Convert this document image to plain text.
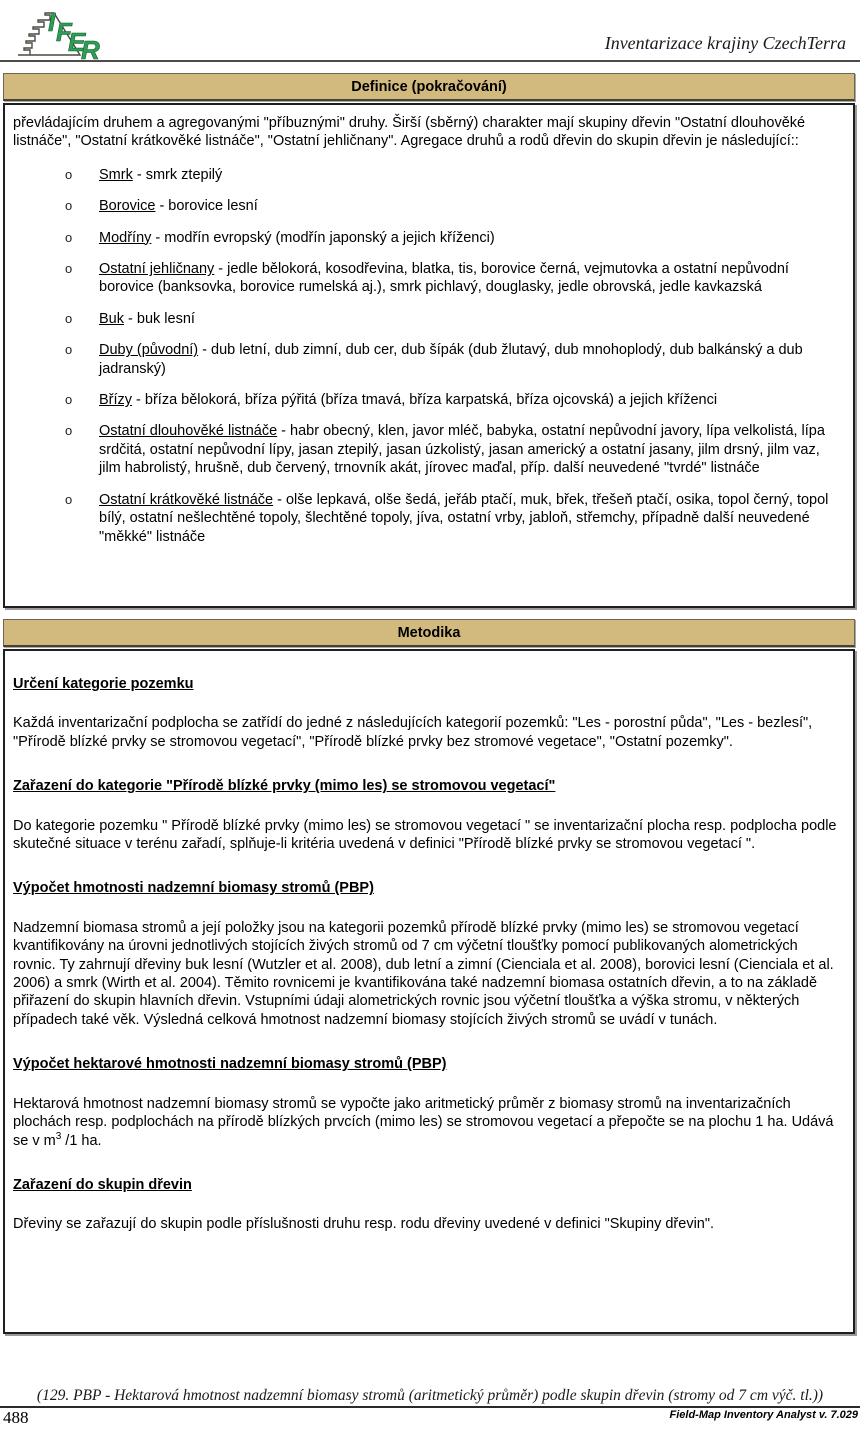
I F
E
R	Inventarizace krajiny CzechTerra
Definice (pokračování)

převládajícím druhem a agregovanými "příbuznými" druhy. Širší (sběrný) charakter mají skupiny dřevin "Ostatní dlouhověké listnáče", "Ostatní krátkověké listnáče", "Ostatní jehličnany". Agregace druhů a rodů dřevin do skupin dřevin je následující::

o Smrk - smrk ztepilý
o Borovice - borovice lesní
o Modříny - modřín evropský (modřín japonský a jejich kříženci)
o Ostatní jehličnany - jedle bělokorá, kosodřevina, blatka, tis, borovice černá, vejmutovka a ostatní nepůvodní borovice (banksovka, borovice rumelská aj.), smrk pichlavý, douglasky, jedle obrovská, jedle kavkazská
o Buk - buk lesní
o Duby (původní) - dub letní, dub zimní, dub cer, dub šípák (dub žlutavý, dub mnohoplodý, dub balkánský a dub jadranský)
o Břízy - bříza bělokorá, bříza pýřitá (bříza tmavá, bříza karpatská, bříza ojcovská) a jejich kříženci
o Ostatní dlouhověké listnáče - habr obecný, klen, javor mléč, babyka, ostatní nepůvodní javory, lípa velkolistá, lípa srdčitá, ostatní nepůvodní lípy, jasan ztepilý, jasan úzkolistý, jasan americký a ostatní jasany, jilm drsný, jilm vaz, jilm habrolistý, hrušně, dub červený, trnovník akát, jírovec maďal, příp. další neuvedené "tvrdé" listnáče
o Ostatní krátkověké listnáče - olše lepkavá, olše šedá, jeřáb ptačí, muk, břek, třešeň ptačí, osika, topol černý, topol bílý, ostatní nešlechtěné topoly, šlechtěné topoly, jíva, ostatní vrby, jabloň, střemchy, případně další neuvedené "měkké" listnáče
Metodika

Určení kategorie pozemku

Každá inventarizační podplocha se zatřídí do jedné z následujících kategorií pozemků: "Les - porostní půda", "Les - bezlesí", "Přírodě blízké prvky se stromovou vegetací", "Přírodě blízké prvky bez stromové vegetace", "Ostatní pozemky".

Zařazení do kategorie "Přírodě blízké prvky (mimo les) se stromovou vegetací"

Do kategorie pozemku " Přírodě blízké prvky (mimo les) se stromovou vegetací " se inventarizační plocha resp. podplocha podle skutečné situace v terénu zařadí, splňuje-li kritéria uvedená v definici "Přírodě blízké prvky se stromovou vegetací ".

Výpočet hmotnosti nadzemní biomasy stromů (PBP)

Nadzemní biomasa stromů a její položky jsou na kategorii pozemků přírodě blízké prvky (mimo les) se stromovou vegetací kvantifikovány na úrovni jednotlivých stojících živých stromů od 7 cm výčetní tloušťky pomocí publikovaných alometrických rovnic. Ty zahrnují dřeviny buk lesní (Wutzler et al. 2008), dub letní a zimní (Cienciala et al. 2008), borovici lesní (Cienciala et al. 2006) a smrk (Wirth et al. 2004). Těmito rovnicemi je kvantifikována také nadzemní biomasa ostatních dřevin, a to na základě přiřazení do skupin hlavních dřevin. Vstupními údaji alometrických rovnic jsou výčetní tloušťka a výška stromu, v některých případech také věk. Výsledná celková hmotnost nadzemní biomasy stojících živých stromů se uvádí v tunách.

Výpočet hektarové hmotnosti nadzemní biomasy stromů (PBP)

Hektarová hmotnost nadzemní biomasy stromů se vypočte jako aritmetický průměr z biomasy stromů na inventarizačních plochách resp. podplochách na přírodě blízkých prvcích (mimo les) se stromovou vegetací a přepočte se na plochu 1 ha. Udává se v $m^3$ /1 ha.

Zařazení do skupin dřevin

Dřeviny se zařazují do skupin podle příslušnosti druhu resp. rodu dřeviny uvedené v definici "Skupiny dřevin".

(129. PBP - Hektarová hmotnost nadzemní biomasy stromů (aritmetický průměr) podle skupin dřevin (stromy od 7 cm výč. tl.))
488	Field-Map Inventory Analyst v. 7.029
